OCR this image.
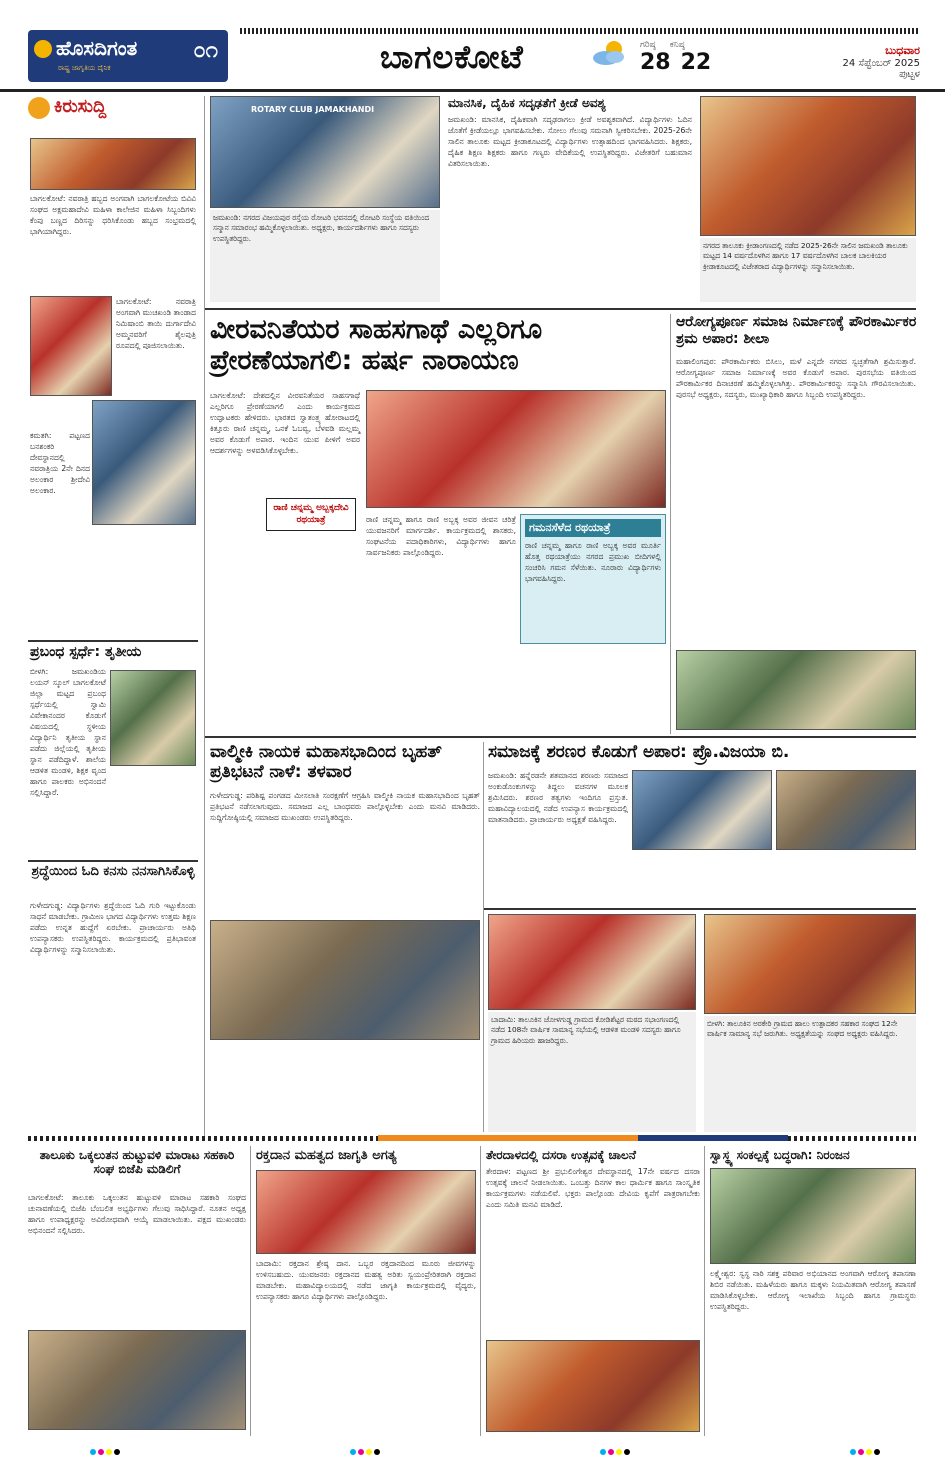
ಹೊಸದಿಗಂತ
ರಾಷ್ಟ್ರ ಜಾಗೃತಿಯ ದೈನಿಕ
೦೧	ಬಾಗಲಕೋಟೆ	ಗರಿಷ್ಠ ಕನಿಷ್ಠ
28 22	ಬುಧವಾರ
24 ಸೆಪ್ಟೆಂಬರ್ 2025
ಪುಟ್ಟಳ
ಕಿರುಸುದ್ದಿ
ಬಾಗಲಕೋಟೆ: ನವರಾತ್ರಿ ಹಬ್ಬದ ಅಂಗವಾಗಿ ಬಾಗಲಕೋಟೆಯ ಬಿವಿವಿ ಸಂಘದ ಅಕ್ಷಮಹಾದೇವಿ ಮಹಿಳಾ ಕಾಲೇಜಿನ ಮಹಿಳಾ ಸಿಬ್ಬಂದಿಗಳು ಕೆಂಪು ಬಣ್ಣದ ದಿರಿಸನ್ನು ಧರಿಸಿಕೊಂಡು ಹಬ್ಬದ ಸಂಭ್ರಮದಲ್ಲಿ ಭಾಗಿಯಾಗಿದ್ದರು.
ಬಾಗಲಕೋಟೆ: ನವರಾತ್ರಿ ಅಂಗವಾಗಿ ಮುಚಖಂಡಿ ತಾಂಡಾದ ನಿಮಿಷಾಂಬಿ ತಾಯಿ ದುರ್ಗಾದೇವಿ ಅಮ್ಮನವರಿಗೆ ಶೈಲಪುತ್ರಿ ರೂಪದಲ್ಲಿ ಪೂಜಿಸಲಾಯಿತು.
ಕಮತಗಿ: ಪಟ್ಟಣದ ಬನಶಂಕರಿ ದೇವಸ್ಥಾನದಲ್ಲಿ ನವರಾತ್ರಿಯ 2ನೇ ದಿನದ ಅಲಂಕಾರ ಶ್ರೀದೇವಿ ಅಲಂಕಾರ.
ಪ್ರಬಂಧ ಸ್ಪರ್ಧೆ: ತೃತೀಯ
ಬೀಳಗಿ: ಜಮಖಂಡಿಯ ಲಯನ್ ಸ್ಕೂಲ್ ಬಾಗಲಕೋಟೆ ಜಿಲ್ಲಾ ಮಟ್ಟದ ಪ್ರಬಂಧ ಸ್ಪರ್ಧೆಯಲ್ಲಿ ಸ್ವಾಮಿ ವಿವೇಕಾನಂದರ ಕೊಡುಗೆ ವಿಷಯದಲ್ಲಿ ಸ್ಥಳೀಯ ವಿದ್ಯಾರ್ಥಿನಿ ತೃತೀಯ ಸ್ಥಾನ ಪಡೆದು ಜಿಲ್ಲೆಯಲ್ಲಿ ತೃತೀಯ ಸ್ಥಾನ ಪಡೆದಿದ್ದಾಳೆ. ಶಾಲೆಯ ಆಡಳಿತ ಮಂಡಳಿ, ಶಿಕ್ಷಕ ವೃಂದ ಹಾಗೂ ಪಾಲಕರು ಅಭಿನಂದನೆ ಸಲ್ಲಿಸಿದ್ದಾರೆ.
ಶ್ರದ್ಧೆಯಿಂದ ಓದಿ ಕನಸು ನನಸಾಗಿಸಿಕೊಳ್ಳಿ
ಗುಳೇದಗುಡ್ಡ: ವಿದ್ಯಾರ್ಥಿಗಳು ಶ್ರದ್ಧೆಯಿಂದ ಓದಿ ಗುರಿ ಇಟ್ಟುಕೊಂಡು ಸಾಧನೆ ಮಾಡಬೇಕು. ಗ್ರಾಮೀಣ ಭಾಗದ ವಿದ್ಯಾರ್ಥಿಗಳು ಉತ್ತಮ ಶಿಕ್ಷಣ ಪಡೆದು ಉನ್ನತ ಹುದ್ದೆಗೆ ಏರಬೇಕು. ಪ್ರಾಚಾರ್ಯರು ಅತಿಥಿ ಉಪನ್ಯಾಸಕರು ಉಪಸ್ಥಿತರಿದ್ದರು. ಕಾರ್ಯಕ್ರಮದಲ್ಲಿ ಪ್ರತಿಭಾವಂತ ವಿದ್ಯಾರ್ಥಿಗಳನ್ನು ಸನ್ಮಾನಿಸಲಾಯಿತು.
ROTARY CLUB JAMAKHANDI
ಜಮಖಂಡಿ: ನಗರದ ವಿಜಯಪುರ ರಸ್ತೆಯ ರೋಟರಿ ಭವನದಲ್ಲಿ ರೋಟರಿ ಸಂಸ್ಥೆಯ ವತಿಯಿಂದ ಸನ್ಮಾನ ಸಮಾರಂಭ ಹಮ್ಮಿಕೊಳ್ಳಲಾಯಿತು. ಅಧ್ಯಕ್ಷರು, ಕಾರ್ಯದರ್ಶಿಗಳು ಹಾಗೂ ಸದಸ್ಯರು ಉಪಸ್ಥಿತರಿದ್ದರು.
ಮಾನಸಿಕ, ದೈಹಿಕ ಸದೃಢತೆಗೆ ಕ್ರೀಡೆ ಅವಶ್ಯ
ಜಮಖಂಡಿ: ಮಾನಸಿಕ, ದೈಹಿಕವಾಗಿ ಸದೃಢರಾಗಲು ಕ್ರೀಡೆ ಅವಶ್ಯಕವಾಗಿದೆ. ವಿದ್ಯಾರ್ಥಿಗಳು ಓದಿನ ಜೊತೆಗೆ ಕ್ರೀಡೆಯಲ್ಲೂ ಭಾಗವಹಿಸಬೇಕು. ಸೋಲು ಗೆಲುವು ಸಮನಾಗಿ ಸ್ವೀಕರಿಸಬೇಕು. 2025-26ನೇ ಸಾಲಿನ ತಾಲೂಕು ಮಟ್ಟದ ಕ್ರೀಡಾಕೂಟದಲ್ಲಿ ವಿದ್ಯಾರ್ಥಿಗಳು ಉತ್ಸಾಹದಿಂದ ಭಾಗವಹಿಸಿದರು. ಶಿಕ್ಷಕರು, ದೈಹಿಕ ಶಿಕ್ಷಣ ಶಿಕ್ಷಕರು ಹಾಗೂ ಗಣ್ಯರು ವೇದಿಕೆಯಲ್ಲಿ ಉಪಸ್ಥಿತರಿದ್ದರು. ವಿಜೇತರಿಗೆ ಬಹುಮಾನ ವಿತರಿಸಲಾಯಿತು.
ನಗರದ ತಾಲೂಕು ಕ್ರೀಡಾಂಗಣದಲ್ಲಿ ನಡೆದ 2025-26ನೇ ಸಾಲಿನ ಜಮಖಂಡಿ ತಾಲೂಕು ಮಟ್ಟದ 14 ವರ್ಷದೊಳಗಿನ ಹಾಗೂ 17 ವರ್ಷದೊಳಗಿನ ಬಾಲಕ ಬಾಲಕಿಯರ ಕ್ರೀಡಾಕೂಟದಲ್ಲಿ ವಿಜೇತರಾದ ವಿದ್ಯಾರ್ಥಿಗಳನ್ನು ಸನ್ಮಾನಿಸಲಾಯಿತು.
ವೀರವನಿತೆಯರ ಸಾಹಸಗಾಥೆ ಎಲ್ಲರಿಗೂ ಪ್ರೇರಣೆಯಾಗಲಿ: ಹರ್ಷ ನಾರಾಯಣ
ಬಾಗಲಕೋಟೆ: ದೇಶದಲ್ಲಿನ ವೀರವನಿತೆಯರ ಸಾಹಸಗಾಥೆ ಎಲ್ಲರಿಗೂ ಪ್ರೇರಣೆಯಾಗಲಿ ಎಂದು ಕಾರ್ಯಕ್ರಮದ ಉದ್ಘಾಟಕರು ಹೇಳಿದರು. ಭಾರತದ ಸ್ವಾತಂತ್ರ್ಯ ಹೋರಾಟದಲ್ಲಿ ಕಿತ್ತೂರು ರಾಣಿ ಚನ್ನಮ್ಮ, ಒನಕೆ ಓಬವ್ವ, ಬೆಳವಡಿ ಮಲ್ಲಮ್ಮ ಅವರ ಕೊಡುಗೆ ಅಪಾರ. ಇಂದಿನ ಯುವ ಪೀಳಿಗೆ ಅವರ ಆದರ್ಶಗಳನ್ನು ಅಳವಡಿಸಿಕೊಳ್ಳಬೇಕು.
ರಾಣಿ ಚನ್ನಮ್ಮ ಅಬ್ಬಕ್ಕದೇವಿ ರಥಯಾತ್ರೆ	ರಾಣಿ ಚನ್ನಮ್ಮ ಹಾಗೂ ರಾಣಿ ಅಬ್ಬಕ್ಕ ಅವರ ಜೀವನ ಚರಿತ್ರೆ ಯುವಜನರಿಗೆ ಮಾರ್ಗದರ್ಶಿ. ಕಾರ್ಯಕ್ರಮದಲ್ಲಿ ಶಾಸಕರು, ಸಂಘಟನೆಯ ಪದಾಧಿಕಾರಿಗಳು, ವಿದ್ಯಾರ್ಥಿಗಳು ಹಾಗೂ ಸಾರ್ವಜನಿಕರು ಪಾಲ್ಗೊಂಡಿದ್ದರು.
ಗಮನಸೆಳೆದ ರಥಯಾತ್ರೆ
ರಾಣಿ ಚನ್ನಮ್ಮ ಹಾಗೂ ರಾಣಿ ಅಬ್ಬಕ್ಕ ಅವರ ಮೂರ್ತಿ ಹೊತ್ತ ರಥಯಾತ್ರೆಯು ನಗರದ ಪ್ರಮುಖ ಬೀದಿಗಳಲ್ಲಿ ಸಂಚರಿಸಿ ಗಮನ ಸೆಳೆಯಿತು. ನೂರಾರು ವಿದ್ಯಾರ್ಥಿಗಳು ಭಾಗವಹಿಸಿದ್ದರು.
ಆರೋಗ್ಯಪೂರ್ಣ ಸಮಾಜ ನಿರ್ಮಾಣಕ್ಕೆ ಪೌರಕಾರ್ಮಿಕರ ಶ್ರಮ ಅಪಾರ: ಶೀಲಾ
ಮಹಾಲಿಂಗಪುರ: ಪೌರಕಾರ್ಮಿಕರು ಬಿಸಿಲು, ಮಳೆ ಎನ್ನದೇ ನಗರದ ಸ್ವಚ್ಛತೆಗಾಗಿ ಶ್ರಮಿಸುತ್ತಾರೆ. ಆರೋಗ್ಯಪೂರ್ಣ ಸಮಾಜ ನಿರ್ಮಾಣಕ್ಕೆ ಅವರ ಕೊಡುಗೆ ಅಪಾರ. ಪುರಸಭೆಯ ವತಿಯಿಂದ ಪೌರಕಾರ್ಮಿಕರ ದಿನಾಚರಣೆ ಹಮ್ಮಿಕೊಳ್ಳಲಾಗಿತ್ತು. ಪೌರಕಾರ್ಮಿಕರನ್ನು ಸನ್ಮಾನಿಸಿ ಗೌರವಿಸಲಾಯಿತು. ಪುರಸಭೆ ಅಧ್ಯಕ್ಷರು, ಸದಸ್ಯರು, ಮುಖ್ಯಾಧಿಕಾರಿ ಹಾಗೂ ಸಿಬ್ಬಂದಿ ಉಪಸ್ಥಿತರಿದ್ದರು.
ವಾಲ್ಮೀಕಿ ನಾಯಕ ಮಹಾಸಭಾದಿಂದ ಬೃಹತ್ ಪ್ರತಿಭಟನೆ ನಾಳೆ: ತಳವಾರ
ಗುಳೇದಗುಡ್ಡ: ಪರಿಶಿಷ್ಟ ಪಂಗಡದ ಮೀಸಲಾತಿ ಸಂರಕ್ಷಣೆಗೆ ಆಗ್ರಹಿಸಿ ವಾಲ್ಮೀಕಿ ನಾಯಕ ಮಹಾಸಭಾದಿಂದ ಬೃಹತ್ ಪ್ರತಿಭಟನೆ ನಡೆಸಲಾಗುವುದು. ಸಮಾಜದ ಎಲ್ಲ ಬಾಂಧವರು ಪಾಲ್ಗೊಳ್ಳಬೇಕು ಎಂದು ಮನವಿ ಮಾಡಿದರು. ಸುದ್ದಿಗೋಷ್ಠಿಯಲ್ಲಿ ಸಮಾಜದ ಮುಖಂಡರು ಉಪಸ್ಥಿತರಿದ್ದರು.
ಸಮಾಜಕ್ಕೆ ಶರಣರ ಕೊಡುಗೆ ಅಪಾರ: ಪ್ರೊ.ವಿಜಯಾ ಬಿ.
ಜಮಖಂಡಿ: ಹನ್ನೆರಡನೇ ಶತಮಾನದ ಶರಣರು ಸಮಾಜದ ಅಂಕುಡೊಂಕುಗಳನ್ನು ತಿದ್ದಲು ವಚನಗಳ ಮೂಲಕ ಶ್ರಮಿಸಿದರು. ಶರಣರ ತತ್ವಗಳು ಇಂದಿಗೂ ಪ್ರಸ್ತುತ. ಮಹಾವಿದ್ಯಾಲಯದಲ್ಲಿ ನಡೆದ ಉಪನ್ಯಾಸ ಕಾರ್ಯಕ್ರಮದಲ್ಲಿ ಮಾತನಾಡಿದರು. ಪ್ರಾಚಾರ್ಯರು ಅಧ್ಯಕ್ಷತೆ ವಹಿಸಿದ್ದರು.
ಬಾದಾಮಿ: ತಾಲೂಕಿನ ಜೋಳಗುಡ್ಡ ಗ್ರಾಮದ ಕೋಡಿಶೆಟ್ಟರ ಮಠದ ಸಭಾಂಗಣದಲ್ಲಿ ನಡೆದ 108ನೇ ವಾರ್ಷಿಕ ಸಾಮಾನ್ಯ ಸಭೆಯಲ್ಲಿ ಆಡಳಿತ ಮಂಡಳಿ ಸದಸ್ಯರು ಹಾಗೂ ಗ್ರಾಮದ ಹಿರಿಯರು ಹಾಜರಿದ್ದರು.
ಬೀಳಗಿ: ತಾಲೂಕಿನ ಅರಕೇರಿ ಗ್ರಾಮದ ಹಾಲು ಉತ್ಪಾದಕರ ಸಹಕಾರ ಸಂಘದ 12ನೇ ವಾರ್ಷಿಕ ಸಾಮಾನ್ಯ ಸಭೆ ಜರುಗಿತು. ಅಧ್ಯಕ್ಷತೆಯನ್ನು ಸಂಘದ ಅಧ್ಯಕ್ಷರು ವಹಿಸಿದ್ದರು.
ತಾಲೂಕು ಒಕ್ಕಲುತನ ಹುಟ್ಟುವಳಿ ಮಾರಾಟ ಸಹಕಾರಿ ಸಂಘ ಬಿಜೆಪಿ ಮಡಿಲಿಗೆ
ಬಾಗಲಕೋಟೆ: ತಾಲೂಕು ಒಕ್ಕಲುತನ ಹುಟ್ಟುವಳಿ ಮಾರಾಟ ಸಹಕಾರಿ ಸಂಘದ ಚುನಾವಣೆಯಲ್ಲಿ ಬಿಜೆಪಿ ಬೆಂಬಲಿತ ಅಭ್ಯರ್ಥಿಗಳು ಗೆಲುವು ಸಾಧಿಸಿದ್ದಾರೆ. ನೂತನ ಅಧ್ಯಕ್ಷ ಹಾಗೂ ಉಪಾಧ್ಯಕ್ಷರನ್ನು ಅವಿರೋಧವಾಗಿ ಆಯ್ಕೆ ಮಾಡಲಾಯಿತು. ಪಕ್ಷದ ಮುಖಂಡರು ಅಭಿನಂದನೆ ಸಲ್ಲಿಸಿದರು.
ರಕ್ತದಾನ ಮಹತ್ವದ ಜಾಗೃತಿ ಅಗತ್ಯ
ಬಾದಾಮಿ: ರಕ್ತದಾನ ಶ್ರೇಷ್ಠ ದಾನ. ಒಬ್ಬರ ರಕ್ತದಾನದಿಂದ ಮೂರು ಜೀವಗಳನ್ನು ಉಳಿಸಬಹುದು. ಯುವಜನರು ರಕ್ತದಾನದ ಮಹತ್ವ ಅರಿತು ಸ್ವಯಂಪ್ರೇರಿತರಾಗಿ ರಕ್ತದಾನ ಮಾಡಬೇಕು. ಮಹಾವಿದ್ಯಾಲಯದಲ್ಲಿ ನಡೆದ ಜಾಗೃತಿ ಕಾರ್ಯಕ್ರಮದಲ್ಲಿ ವೈದ್ಯರು, ಉಪನ್ಯಾಸಕರು ಹಾಗೂ ವಿದ್ಯಾರ್ಥಿಗಳು ಪಾಲ್ಗೊಂಡಿದ್ದರು.
ತೇರದಾಳದಲ್ಲಿ ದಸರಾ ಉತ್ಸವಕ್ಕೆ ಚಾಲನೆ
ತೇರದಾಳ: ಪಟ್ಟಣದ ಶ್ರೀ ಪ್ರಭುಲಿಂಗೇಶ್ವರ ದೇವಸ್ಥಾನದಲ್ಲಿ 17ನೇ ವರ್ಷದ ದಸರಾ ಉತ್ಸವಕ್ಕೆ ಚಾಲನೆ ನೀಡಲಾಯಿತು. ಒಂಬತ್ತು ದಿನಗಳ ಕಾಲ ಧಾರ್ಮಿಕ ಹಾಗೂ ಸಾಂಸ್ಕೃತಿಕ ಕಾರ್ಯಕ್ರಮಗಳು ನಡೆಯಲಿವೆ. ಭಕ್ತರು ಪಾಲ್ಗೊಂಡು ದೇವಿಯ ಕೃಪೆಗೆ ಪಾತ್ರರಾಗಬೇಕು ಎಂದು ಸಮಿತಿ ಮನವಿ ಮಾಡಿದೆ.
ಸ್ವಾಸ್ಥ್ಯ ಸಂಕಲ್ಪಕ್ಕೆ ಬದ್ಧರಾಗಿ: ನಿರಂಜನ
ಲಕ್ಷ್ಮೇಶ್ವರ: ಸ್ವಸ್ಥ ನಾರಿ ಸಶಕ್ತ ಪರಿವಾರ ಅಭಿಯಾನದ ಅಂಗವಾಗಿ ಆರೋಗ್ಯ ತಪಾಸಣಾ ಶಿಬಿರ ನಡೆಯಿತು. ಮಹಿಳೆಯರು ಹಾಗೂ ಮಕ್ಕಳು ನಿಯಮಿತವಾಗಿ ಆರೋಗ್ಯ ತಪಾಸಣೆ ಮಾಡಿಸಿಕೊಳ್ಳಬೇಕು. ಆರೋಗ್ಯ ಇಲಾಖೆಯ ಸಿಬ್ಬಂದಿ ಹಾಗೂ ಗ್ರಾಮಸ್ಥರು ಉಪಸ್ಥಿತರಿದ್ದರು.
